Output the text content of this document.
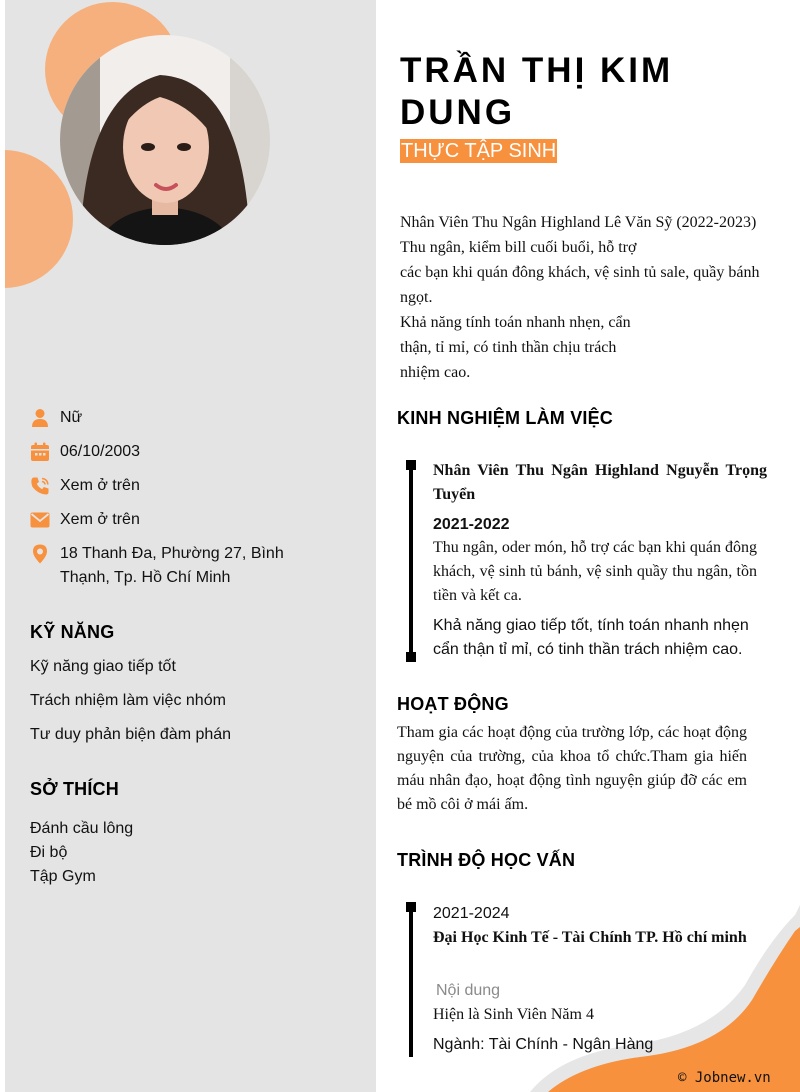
Nữ
06/10/2003
Xem ở trên
Xem ở trên
18 Thanh Đa, Phường 27, Bình
Thạnh, Tp. Hồ Chí Minh
KỸ NĂNG
Kỹ năng giao tiếp tốt
Trách nhiệm làm việc nhóm
Tư duy phản biện đàm phán
SỞ THÍCH
Đánh cầu lông
Đi bộ
Tập Gym
TRẦN THỊ KIM DUNG
THỰC TẬP SINH
Nhân Viên Thu Ngân Highland Lê Văn Sỹ (2022-2023)
Thu ngân, kiểm bill cuối buổi, hỗ trợ
các bạn khi quán đông khách, vệ sinh tủ sale, quầy bánh ngọt.
Khả năng tính toán nhanh nhẹn, cẩn
thận, tỉ mỉ, có tinh thần chịu trách
nhiệm cao.
KINH NGHIỆM LÀM VIỆC
Nhân Viên Thu Ngân Highland Nguyễn Trọng Tuyển
2021-2022
Thu ngân, oder món, hỗ trợ các bạn khi quán đông khách, vệ sinh tủ bánh, vệ sinh quầy thu ngân, tồn tiền và kết ca.
Khả năng giao tiếp tốt, tính toán nhanh nhẹn cẩn thận tỉ mỉ, có tinh thần trách nhiệm cao.
HOẠT ĐỘNG
Tham gia các hoạt động của trường lớp, các hoạt động nguyện của trường, của khoa tổ chức.Tham gia hiến máu nhân đạo, hoạt động tình nguyện giúp đỡ các em bé mồ côi ở mái ấm.
TRÌNH ĐỘ HỌC VẤN
2021-2024
Đại Học Kinh Tế - Tài Chính TP. Hồ chí minh
Nội dung
Hiện là Sinh Viên Năm 4
Ngành: Tài Chính - Ngân Hàng
© Jobnew.vn
